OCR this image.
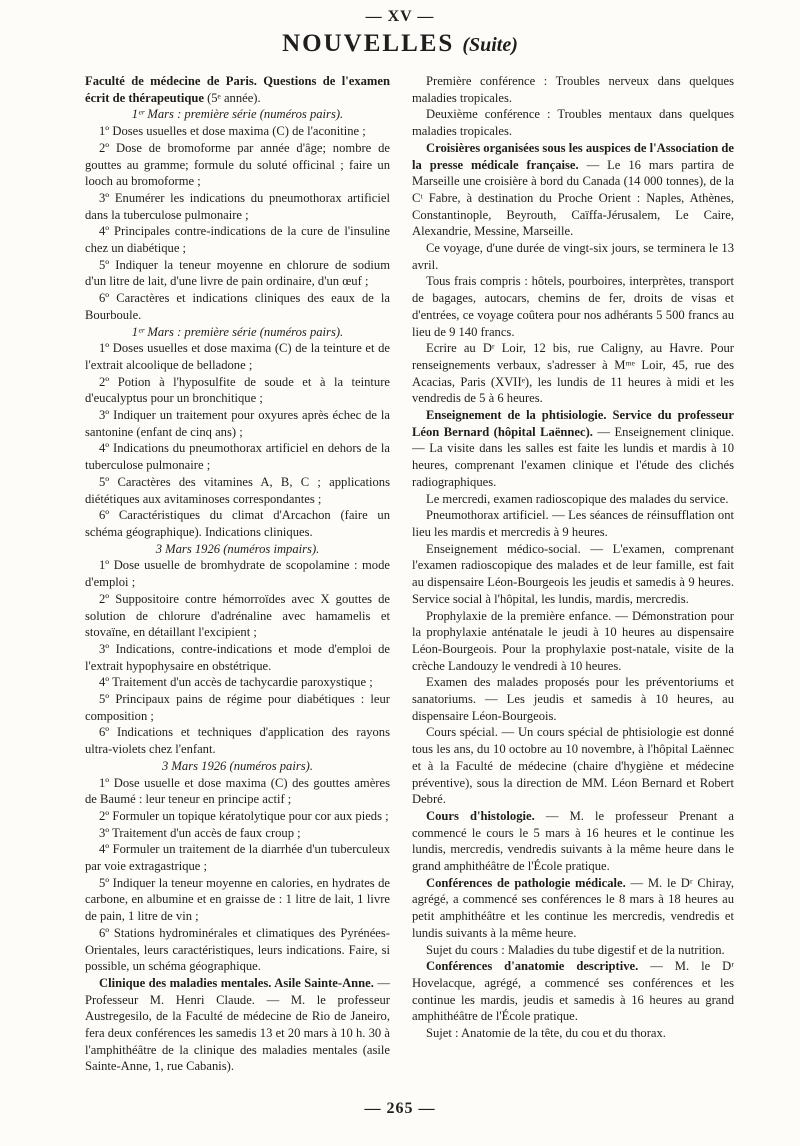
— XV —
NOUVELLES (Suite)

Faculté de médecine de Paris. Questions de l'examen écrit de thérapeutique (5ᵉ année).

1ᵉʳ Mars : première série (numéros pairs).

1º Doses usuelles et dose maxima (C) de l'aconitine ;

2º Dose de bromoforme par année d'âge; nombre de gouttes au gramme; formule du soluté officinal ; faire un looch au bromoforme ;

3º Enumérer les indications du pneumothorax artificiel dans la tuberculose pulmonaire ;

4º Principales contre-indications de la cure de l'insuline chez un diabétique ;

5º Indiquer la teneur moyenne en chlorure de sodium d'un litre de lait, d'une livre de pain ordinaire, d'un œuf ;

6º Caractères et indications cliniques des eaux de la Bourboule.

1ᵉʳ Mars : première série (numéros pairs).

1º Doses usuelles et dose maxima (C) de la teinture et de l'extrait alcoolique de belladone ;

2º Potion à l'hyposulfite de soude et à la teinture d'eucalyptus pour un bronchitique ;

3º Indiquer un traitement pour oxyures après échec de la santonine (enfant de cinq ans) ;

4º Indications du pneumothorax artificiel en dehors de la tuberculose pulmonaire ;

5º Caractères des vitamines A, B, C ; applications diététiques aux avitaminoses correspondantes ;

6º Caractéristiques du climat d'Arcachon (faire un schéma géographique). Indications cliniques.

3 Mars 1926 (numéros impairs).

1º Dose usuelle de bromhydrate de scopolamine : mode d'emploi ;

2º Suppositoire contre hémorroïdes avec X gouttes de solution de chlorure d'adrénaline avec hamamelis et stovaïne, en détaillant l'excipient ;

3º Indications, contre-indications et mode d'emploi de l'extrait hypophysaire en obstétrique.

4º Traitement d'un accès de tachycardie paroxystique ;

5º Principaux pains de régime pour diabétiques : leur composition ;

6º Indications et techniques d'application des rayons ultra-violets chez l'enfant.

3 Mars 1926 (numéros pairs).

1º Dose usuelle et dose maxima (C) des gouttes amères de Baumé : leur teneur en principe actif ;

2º Formuler un topique kératolytique pour cor aux pieds ;

3º Traitement d'un accès de faux croup ;

4º Formuler un traitement de la diarrhée d'un tuberculeux par voie extragastrique ;

5º Indiquer la teneur moyenne en calories, en hydrates de carbone, en albumine et en graisse de : 1 litre de lait, 1 livre de pain, 1 litre de vin ;

6º Stations hydrominérales et climatiques des Pyrénées-Orientales, leurs caractéristiques, leurs indications. Faire, si possible, un schéma géographique.

Clinique des maladies mentales. Asile Sainte-Anne. — Professeur M. Henri Claude. — M. le professeur Austregesilo, de la Faculté de médecine de Rio de Janeiro, fera deux conférences les samedis 13 et 20 mars à 10 h. 30 à l'amphithéâtre de la clinique des maladies mentales (asile Sainte-Anne, 1, rue Cabanis).

Première conférence : Troubles nerveux dans quelques maladies tropicales.

Deuxième conférence : Troubles mentaux dans quelques maladies tropicales.

Croisières organisées sous les auspices de l'Association de la presse médicale française. — Le 16 mars partira de Marseille une croisière à bord du Canada (14 000 tonnes), de la Cᵗ Fabre, à destination du Proche Orient : Naples, Athènes, Constantinople, Beyrouth, Caïffa-Jérusalem, Le Caire, Alexandrie, Messine, Marseille.

Ce voyage, d'une durée de vingt-six jours, se terminera le 13 avril.

Tous frais compris : hôtels, pourboires, interprètes, transport de bagages, autocars, chemins de fer, droits de visas et d'entrées, ce voyage coûtera pour nos adhérants 5 500 francs au lieu de 9 140 francs.

Ecrire au Dʳ Loir, 12 bis, rue Caligny, au Havre. Pour renseignements verbaux, s'adresser à Mᵐᵉ Loir, 45, rue des Acacias, Paris (XVIIᵉ), les lundis de 11 heures à midi et les vendredis de 5 à 6 heures.

Enseignement de la phtisiologie. Service du professeur Léon Bernard (hôpital Laënnec). — Enseignement clinique. — La visite dans les salles est faite les lundis et mardis à 10 heures, comprenant l'examen clinique et l'étude des clichés radiographiques.

Le mercredi, examen radioscopique des malades du service.

Pneumothorax artificiel. — Les séances de réinsufflation ont lieu les mardis et mercredis à 9 heures.

Enseignement médico-social. — L'examen, comprenant l'examen radioscopique des malades et de leur famille, est fait au dispensaire Léon-Bourgeois les jeudis et samedis à 9 heures. Service social à l'hôpital, les lundis, mardis, mercredis.

Prophylaxie de la première enfance. — Démonstration pour la prophylaxie anténatale le jeudi à 10 heures au dispensaire Léon-Bourgeois. Pour la prophylaxie post-natale, visite de la crèche Landouzy le vendredi à 10 heures.

Examen des malades proposés pour les préventoriums et sanatoriums. — Les jeudis et samedis à 10 heures, au dispensaire Léon-Bourgeois.

Cours spécial. — Un cours spécial de phtisiologie est donné tous les ans, du 10 octobre au 10 novembre, à l'hôpital Laënnec et à la Faculté de médecine (chaire d'hygiène et médecine préventive), sous la direction de MM. Léon Bernard et Robert Debré.

Cours d'histologie. — M. le professeur Prenant a commencé le cours le 5 mars à 16 heures et le continue les lundis, mercredis, vendredis suivants à la même heure dans le grand amphithéâtre de l'École pratique.

Conférences de pathologie médicale. — M. le Dʳ Chiray, agrégé, a commencé ses conférences le 8 mars à 18 heures au petit amphithéâtre et les continue les mercredis, vendredis et lundis suivants à la même heure.

Sujet du cours : Maladies du tube digestif et de la nutrition.

Conférences d'anatomie descriptive. — M. le Dʳ Hovelacque, agrégé, a commencé ses conférences et les continue les mardis, jeudis et samedis à 16 heures au grand amphithéâtre de l'École pratique.

Sujet : Anatomie de la tête, du cou et du thorax.

— 265 —
